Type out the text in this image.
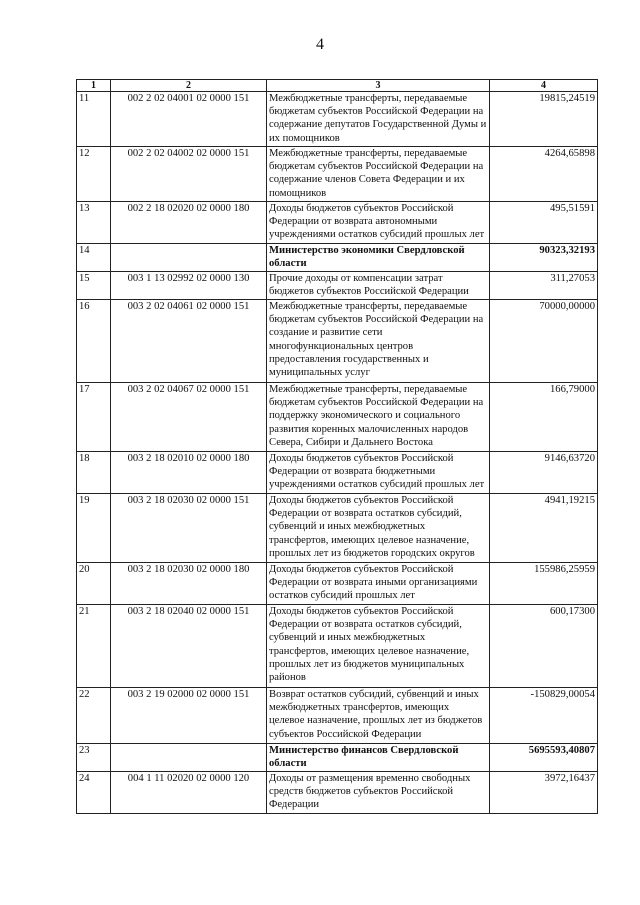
4
1	2	3	4
11	002 2 02 04001 02 0000 151	Межбюджетные трансферты, передаваемые бюджетам субъектов Российской Федерации на содержание депутатов Государственной Думы и их помощников	19815,24519
12	002 2 02 04002 02 0000 151	Межбюджетные трансферты, передаваемые бюджетам субъектов Российской Федерации на содержание членов Совета Федерации и их помощников	4264,65898
13	002 2 18 02020 02 0000 180	Доходы бюджетов субъектов Российской Федерации от возврата автономными учреждениями остатков субсидий прошлых лет	495,51591
14		Министерство экономики Свердловской области	90323,32193
15	003 1 13 02992 02 0000 130	Прочие доходы от компенсации затрат бюджетов субъектов Российской Федерации	311,27053
16	003 2 02 04061 02 0000 151	Межбюджетные трансферты, передаваемые бюджетам субъектов Российской Федерации на создание и развитие сети многофункциональных центров предоставления государственных и муниципальных услуг	70000,00000
17	003 2 02 04067 02 0000 151	Межбюджетные трансферты, передаваемые бюджетам субъектов Российской Федерации на поддержку экономического и социального развития коренных малочисленных народов Севера, Сибири и Дальнего Востока	166,79000
18	003 2 18 02010 02 0000 180	Доходы бюджетов субъектов Российской Федерации от возврата бюджетными учреждениями остатков субсидий прошлых лет	9146,63720
19	003 2 18 02030 02 0000 151	Доходы бюджетов субъектов Российской Федерации от возврата остатков субсидий, субвенций и иных межбюджетных трансфертов, имеющих целевое назначение, прошлых лет из бюджетов городских округов	4941,19215
20	003 2 18 02030 02 0000 180	Доходы бюджетов субъектов Российской Федерации от возврата иными организациями остатков субсидий прошлых лет	155986,25959
21	003 2 18 02040 02 0000 151	Доходы бюджетов субъектов Российской Федерации от возврата остатков субсидий, субвенций и иных межбюджетных трансфертов, имеющих целевое назначение, прошлых лет из бюджетов муниципальных районов	600,17300
22	003 2 19 02000 02 0000 151	Возврат остатков субсидий, субвенций и иных межбюджетных трансфертов, имеющих целевое назначение, прошлых лет из бюджетов субъектов Российской Федерации	-150829,00054
23		Министерство финансов Свердловской области	5695593,40807
24	004 1 11 02020 02 0000 120	Доходы от размещения временно свободных средств бюджетов субъектов Российской Федерации	3972,16437
